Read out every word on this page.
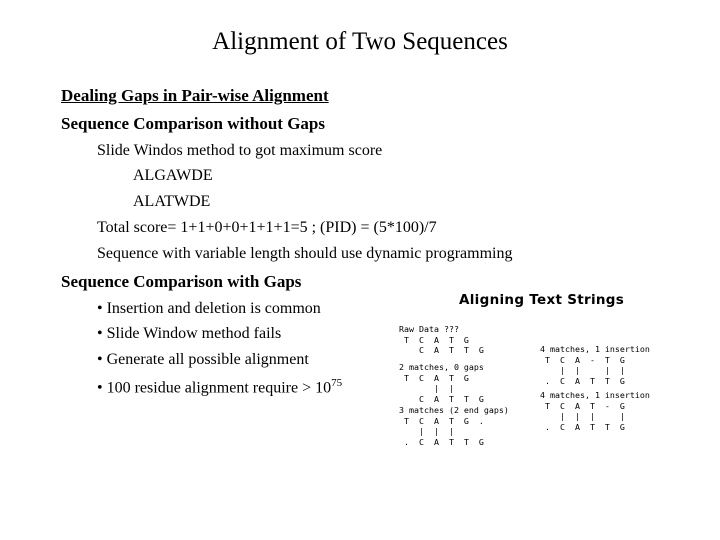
Alignment of Two Sequences
Dealing Gaps in Pair-wise Alignment
Sequence Comparison without Gaps
Slide Windos method to got maximum score
ALGAWDE
ALATWDE
Total score= 1+1+0+0+1+1+1=5 ; (PID) = (5*100)/7
Sequence with variable length should use dynamic programming
Sequence Comparison with Gaps
• Insertion and deletion is common
• Slide Window method fails
• Generate all possible alignment
• 100 residue alignment require > $10^{75}$
Aligning Text Strings
Raw Data ???
T  C  A  T  G
C  A  T  T  G
2 matches, 0 gaps
T  C  A  T  G
|  |
C  A  T  T  G
3 matches (2 end gaps)
T  C  A  T  G  .
|  |  |
.  C  A  T  T  G
4 matches, 1 insertion
T  C  A  -  T  G
|  |     |  |
.  C  A  T  T  G
4 matches, 1 insertion
T  C  A  T  -  G
|  |  |     |
.  C  A  T  T  G
